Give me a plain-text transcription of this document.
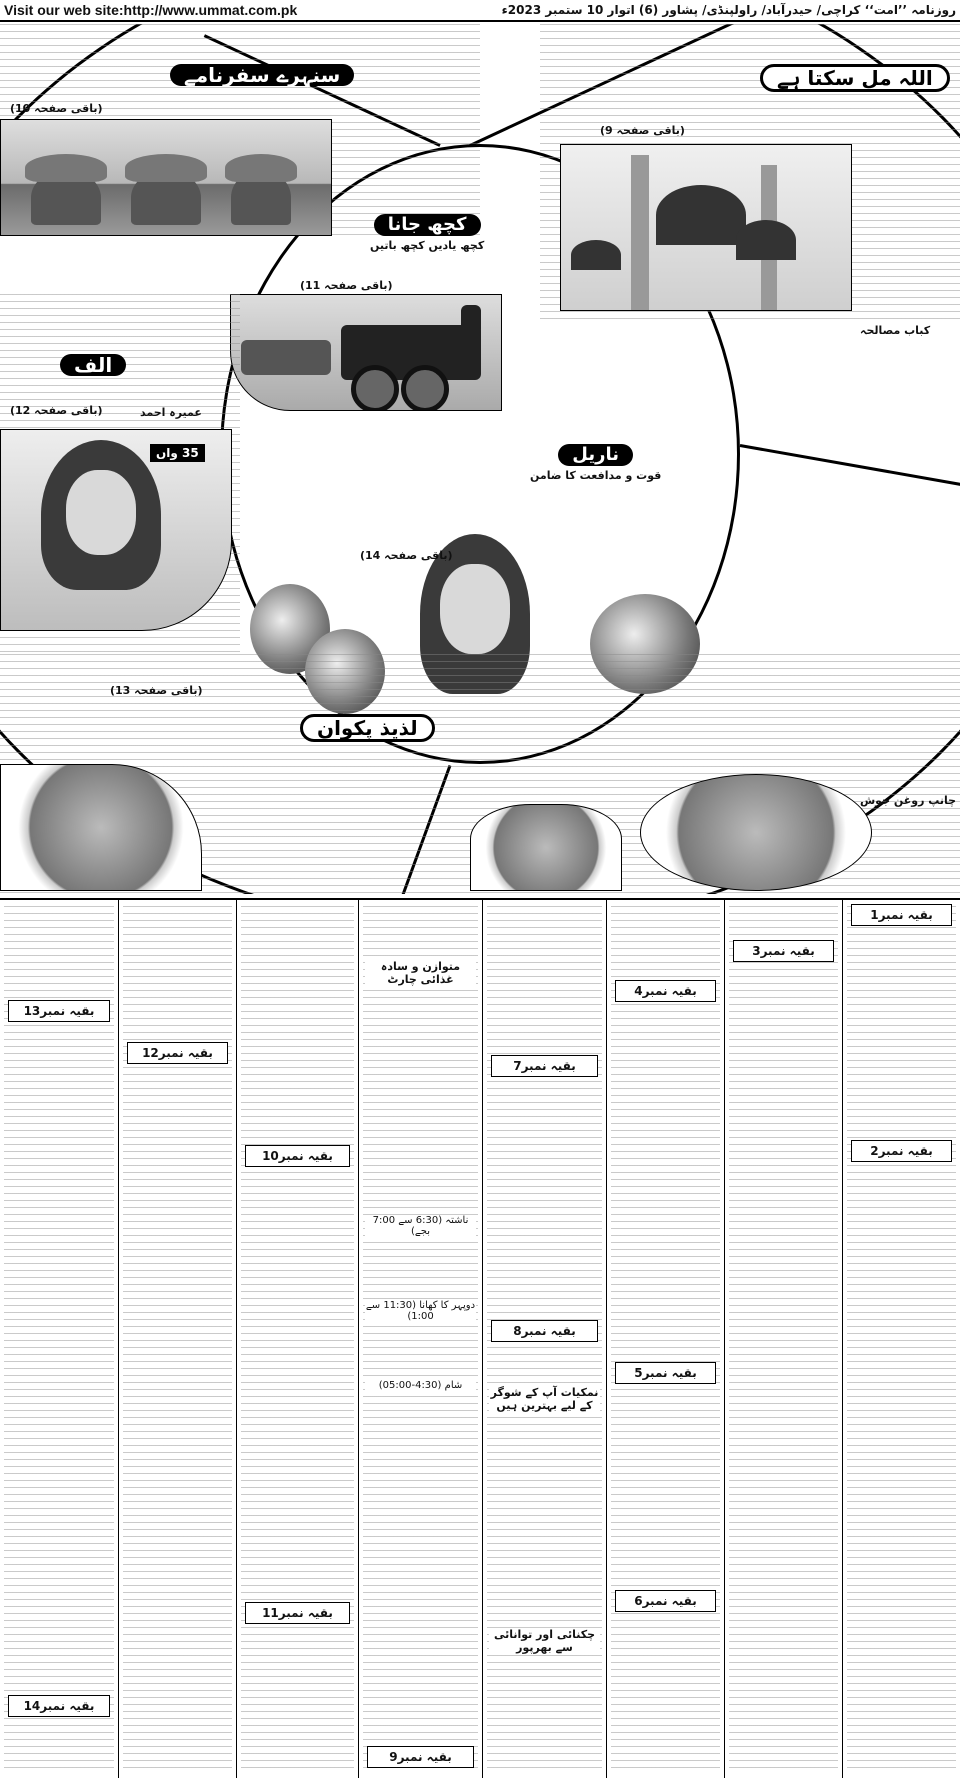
Visit our web site:http://www.ummat.com.pk	روزنامہ ’’امت‘‘ کراچی/ حیدرآباد/ راولپنڈی/ پشاور (6) اتوار 10 ستمبر 2023ء
سنہرے سفرنامے
(باقی صفحہ 10)
اللہ مل سکتا ہے
(باقی صفحہ 9)
کچھ جانا
کچھ یادیں کچھ باتیں
(باقی صفحہ 11)
الف
35 واں
عمیرہ احمد
(باقی صفحہ 12)
ناریل
قوت و مدافعت کا ضامن
(باقی صفحہ 14)
لذیذ پکوان
(باقی صفحہ 13)
چانپ روغن جوش
کباب مصالحہ
بقیہ نمبر1
بقیہ نمبر2
بقیہ نمبر3
بقیہ نمبر4
بقیہ نمبر5
بقیہ نمبر6
بقیہ نمبر7
بقیہ نمبر8
نمکیات آپ کے شوگر کے لیے بہترین ہیں
چکنائی اور توانائی سے بھرپور
متوازن و سادہ غذائی چارٹ
ناشتہ (6:30 سے 7:00 بجے)
دوپہر کا کھانا (11:30 سے 1:00)
شام (4:30-05:00)
بقیہ نمبر9
بقیہ نمبر10
بقیہ نمبر11
بقیہ نمبر12
بقیہ نمبر13
بقیہ نمبر14
